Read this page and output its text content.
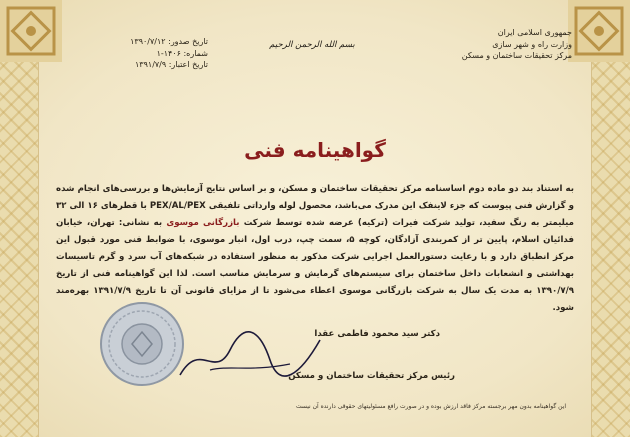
جمهوری اسلامی ایران
وزارت راه و شهر سازی
مرکز تحقیقات ساختمان و مسکن
بسم الله الرحمن الرحیم
تاریخ صدور: ۱۳۹۰/۷/۱۲
شماره: ۱۴۰۶-۱
تاریخ اعتبار: ۱۳۹۱/۷/۹
گواهینامه فنی
به استناد بند دو ماده دوم اساسنامه مرکز تحقیقات ساختمان و مسکن، و بر اساس نتایج آزمایش‌ها و بررسی‌های انجام شده و گزارش فنی پیوست که جزء لاینفک این مدرک می‌باشد، محصول لوله وارداتی تلفیقی PEX/AL/PEX با قطرهای ۱۶ الی ۳۲ میلیمتر به رنگ سفید، تولید شرکت فیرات (ترکیه) عرضه شده توسط شرکت بازرگانی موسوی به نشانی: تهران، خیابان فدائیان اسلام، پایین تر از کمربندی آزادگان، کوچه ۵، سمت چپ، درب اول، انبار موسوی، با ضوابط فنی مورد قبول این مرکز انطباق دارد و با رعایت دستورالعمل اجرایی شرکت مذکور به منظور استفاده در شبکه‌های آب سرد و گرم تاسیسات بهداشتی و انشعابات داخل ساختمان برای سیستم‌های گرمایش و سرمایش مناسب است. لذا این گواهینامه فنی از تاریخ ۱۳۹۰/۷/۹ به مدت یک سال به شرکت بازرگانی موسوی اعطاء می‌شود تا از مزایای قانونی آن تا تاریخ ۱۳۹۱/۷/۹ بهره‌مند شود.
دکتر سید محمود فاطمی عقدا
رئیس مرکز تحقیقات ساختمان و مسکن
این گواهینامه بدون مهر برجسته مرکز فاقد ارزش بوده و در صورت رافع مسئولیتهای حقوقی دارنده آن نیست
